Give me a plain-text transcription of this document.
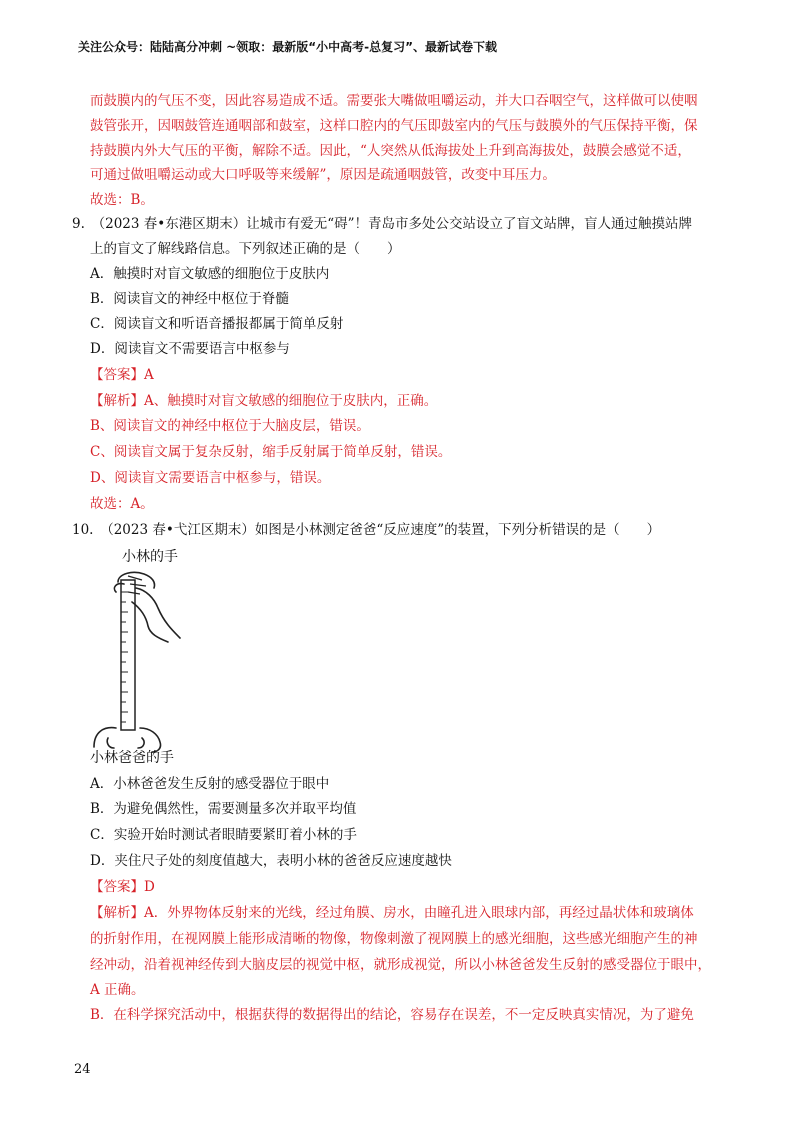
关注公众号：陆陆高分冲刺 ~领取：最新版“小中高考-总复习”、最新试卷下载
而鼓膜内的气压不变，因此容易造成不适。需要张大嘴做咀嚼运动，并大口吞咽空气，这样做可以使咽
鼓管张开，因咽鼓管连通咽部和鼓室，这样口腔内的气压即鼓室内的气压与鼓膜外的气压保持平衡，保
持鼓膜内外大气压的平衡，解除不适。因此，“人突然从低海拔处上升到高海拔处，鼓膜会感觉不适，
可通过做咀嚼运动或大口呼吸等来缓解”，原因是疏通咽鼓管，改变中耳压力。
故选：B。
9.　（2023 春•东港区期末）让城市有爱无“碍”！青岛市多处公交站设立了盲文站牌，盲人通过触摸站牌
上的盲文了解线路信息。下列叙述正确的是（　　）
A．触摸时对盲文敏感的细胞位于皮肤内
B．阅读盲文的神经中枢位于脊髓
C．阅读盲文和听语音播报都属于简单反射
D．阅读盲文不需要语言中枢参与
【答案】A
【解析】A、触摸时对盲文敏感的细胞位于皮肤内，正确。
B、阅读盲文的神经中枢位于大脑皮层，错误。
C、阅读盲文属于复杂反射，缩手反射属于简单反射，错误。
D、阅读盲文需要语言中枢参与，错误。
故选：A。
10.　（2023 春•弋江区期末）如图是小林测定爸爸“反应速度”的装置，下列分析错误的是（　　）
小林的手
小林爸爸的手
A．小林爸爸发生反射的感受器位于眼中
B．为避免偶然性，需要测量多次并取平均值
C．实验开始时测试者眼睛要紧盯着小林的手
D．夹住尺子处的刻度值越大，表明小林的爸爸反应速度越快
【答案】D
【解析】A．外界物体反射来的光线，经过角膜、房水，由瞳孔进入眼球内部，再经过晶状体和玻璃体
的折射作用，在视网膜上能形成清晰的物像，物像刺激了视网膜上的感光细胞，这些感光细胞产生的神
经冲动，沿着视神经传到大脑皮层的视觉中枢，就形成视觉，所以小林爸爸发生反射的感受器位于眼中，
A 正确。
B．在科学探究活动中，根据获得的数据得出的结论，容易存在误差，不一定反映真实情况，为了避免
24
